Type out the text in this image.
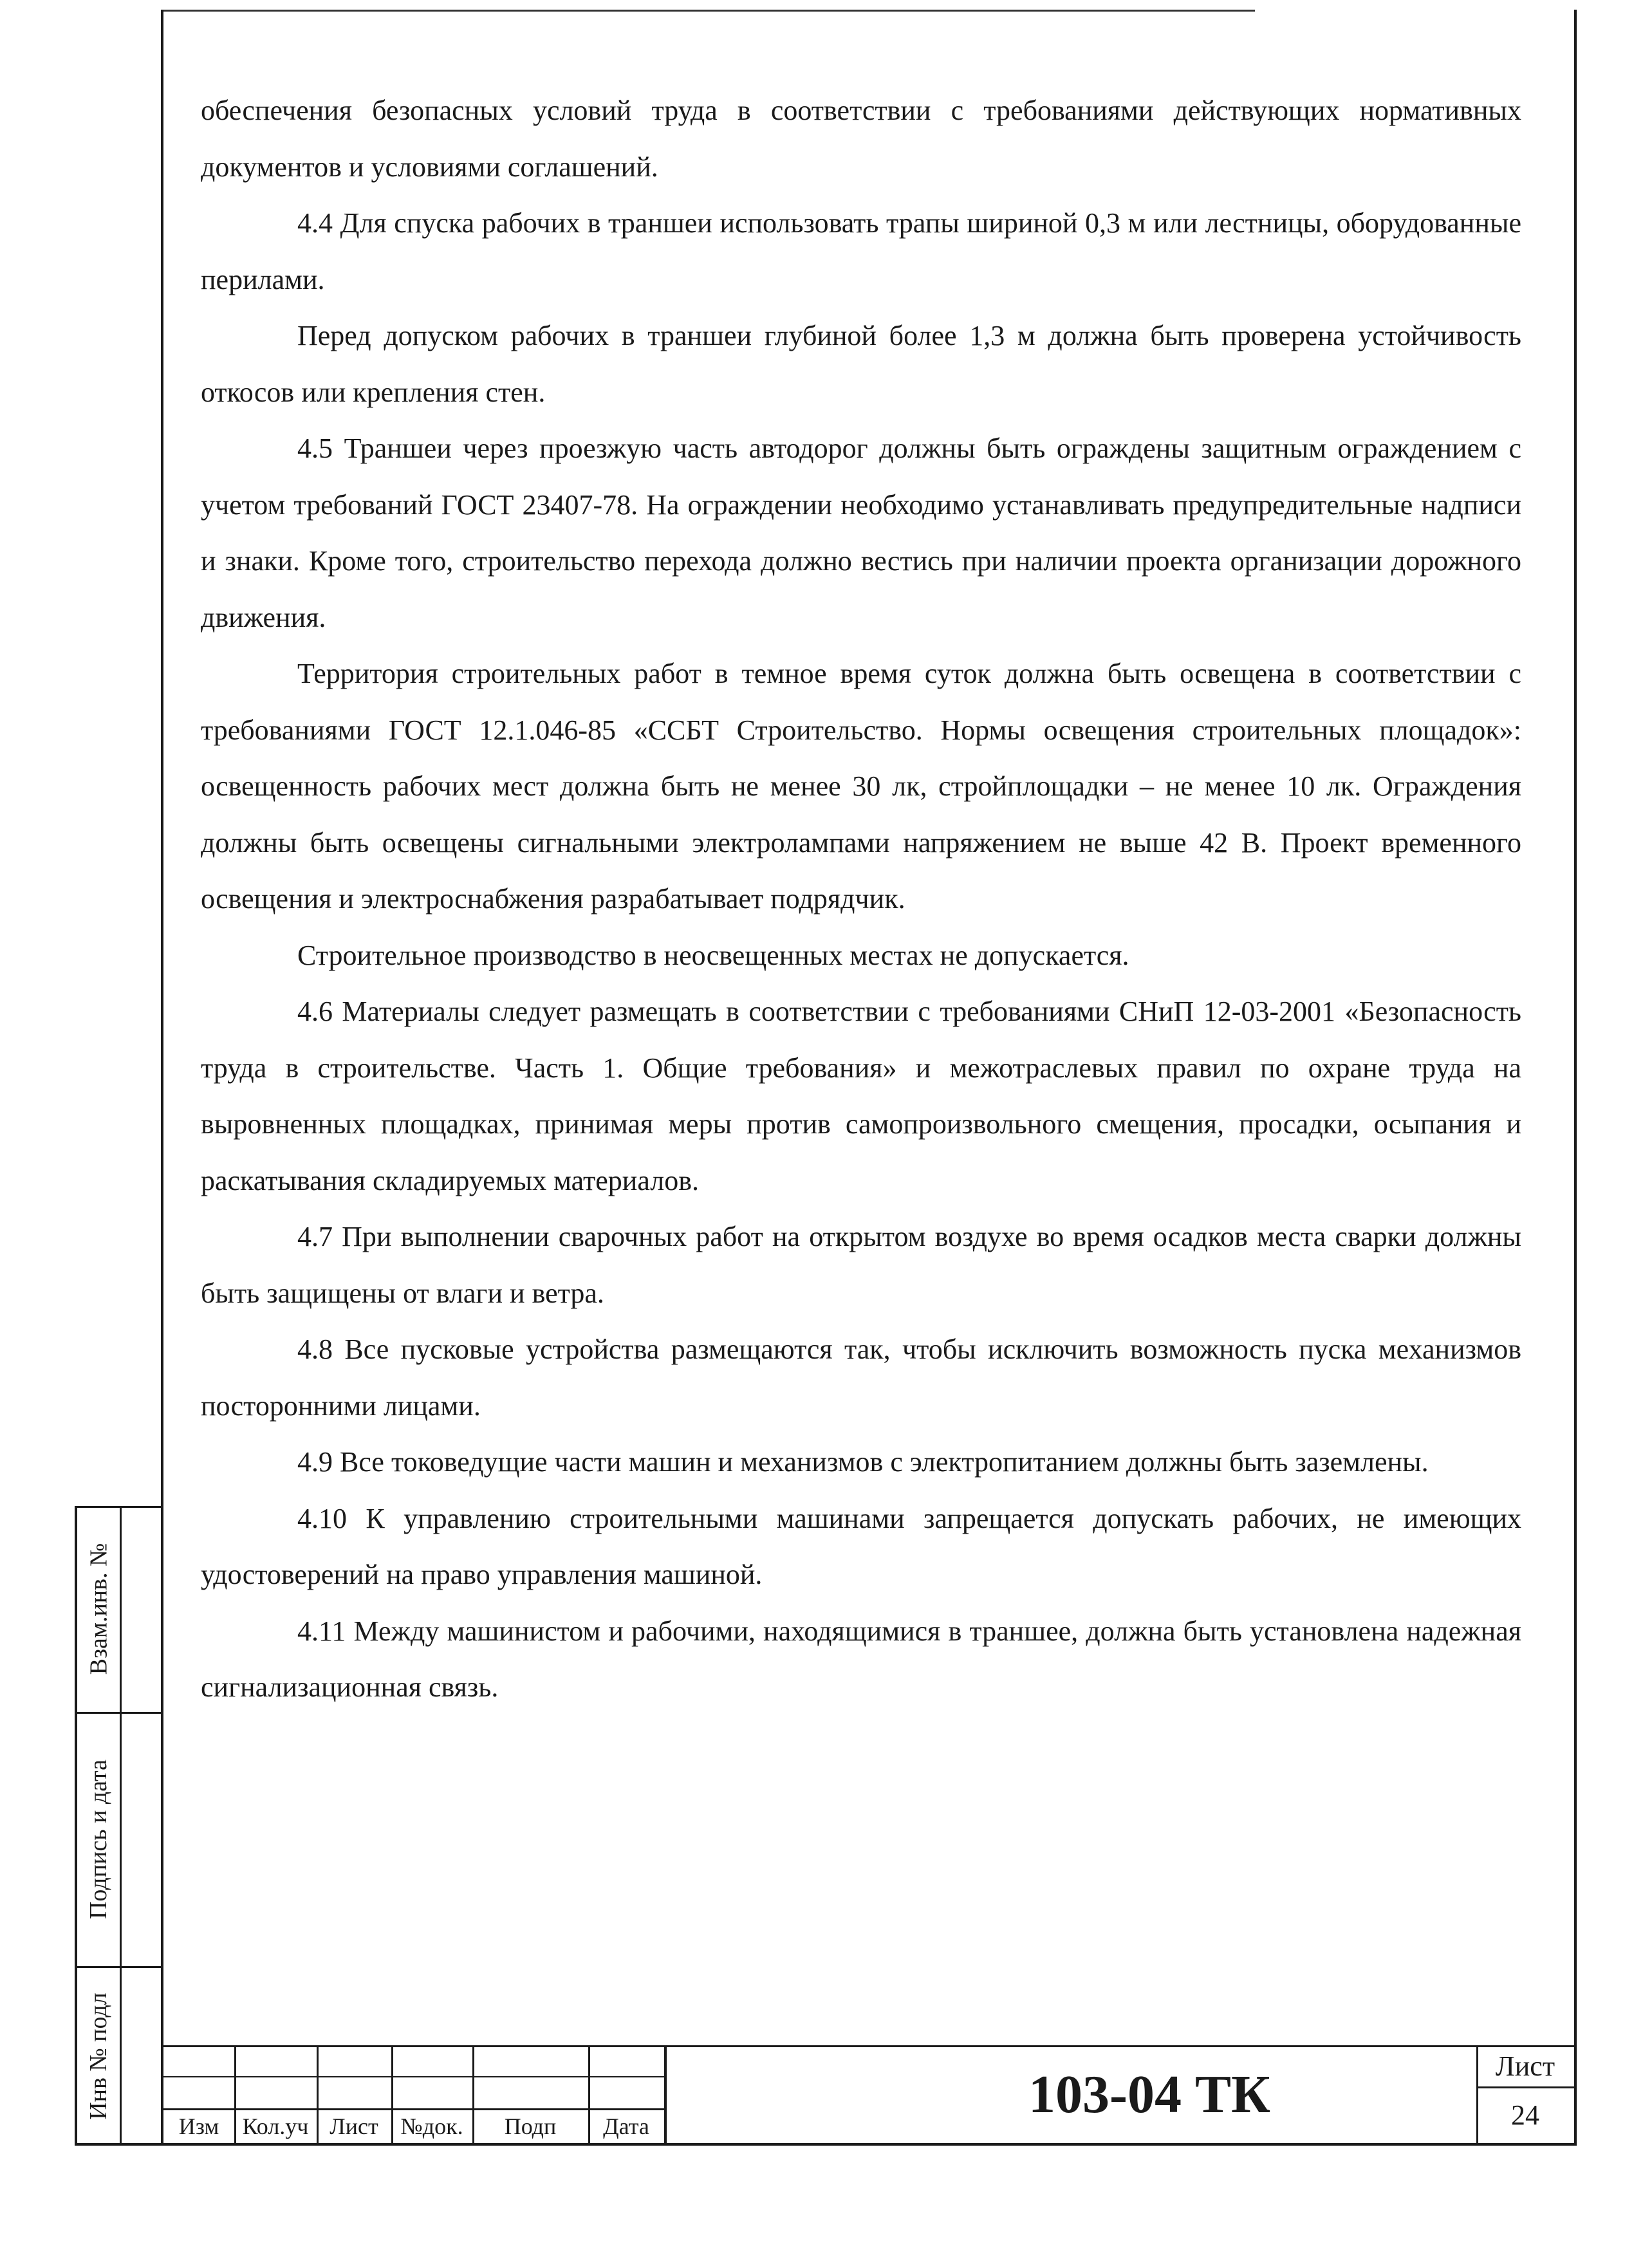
обеспечения безопасных условий труда в соответствии с требованиями действующих нормативных документов и условиями соглашений.

4.4 Для спуска рабочих в траншеи использовать трапы шириной 0,3 м или лестницы, оборудованные перилами.

Перед допуском рабочих в траншеи глубиной более 1,3 м должна быть проверена устойчивость откосов или крепления стен.

4.5 Траншеи через проезжую часть автодорог должны быть ограждены защитным ограждением с учетом требований ГОСТ 23407-78. На ограждении необходимо устанавливать предупредительные надписи и знаки. Кроме того, строительство перехода должно вестись при наличии проекта организации дорожного движения.

Территория строительных работ в темное время суток должна быть освещена в соответствии с требованиями ГОСТ 12.1.046-85 «ССБТ Строительство. Нормы освещения строительных площадок»: освещенность рабочих мест должна быть не менее 30 лк, стройплощадки – не менее 10 лк. Ограждения должны быть освещены сигнальными электролампами напряжением не выше 42 В. Проект временного освещения и электроснабжения разрабатывает подрядчик.

Строительное производство в неосвещенных местах не допускается.

4.6 Материалы следует размещать в соответствии с требованиями СНиП 12-03-2001 «Безопасность труда в строительстве. Часть 1. Общие требования» и межотраслевых правил по охране труда на выровненных площадках, принимая меры против самопроизвольного смещения, просадки, осыпания и раскатывания складируемых материалов.

4.7 При выполнении сварочных работ на открытом воздухе во время осадков места сварки должны быть защищены от влаги и ветра.

4.8 Все пусковые устройства размещаются так, чтобы исключить возможность пуска механизмов посторонними лицами.

4.9 Все токоведущие части машин и механизмов с электропитанием должны быть заземлены.

4.10 К управлению строительными машинами запрещается допускать рабочих, не имеющих удостоверений на право управления машиной.

4.11 Между машинистом и рабочими, находящимися в траншее, должна быть установлена надежная сигнализационная связь.

Взам.инв. №
Подпись и дата
Инв № подл
Изм	Кол.уч Лист №док.	Подп	Дата
103-04 ТК	Лист
24
